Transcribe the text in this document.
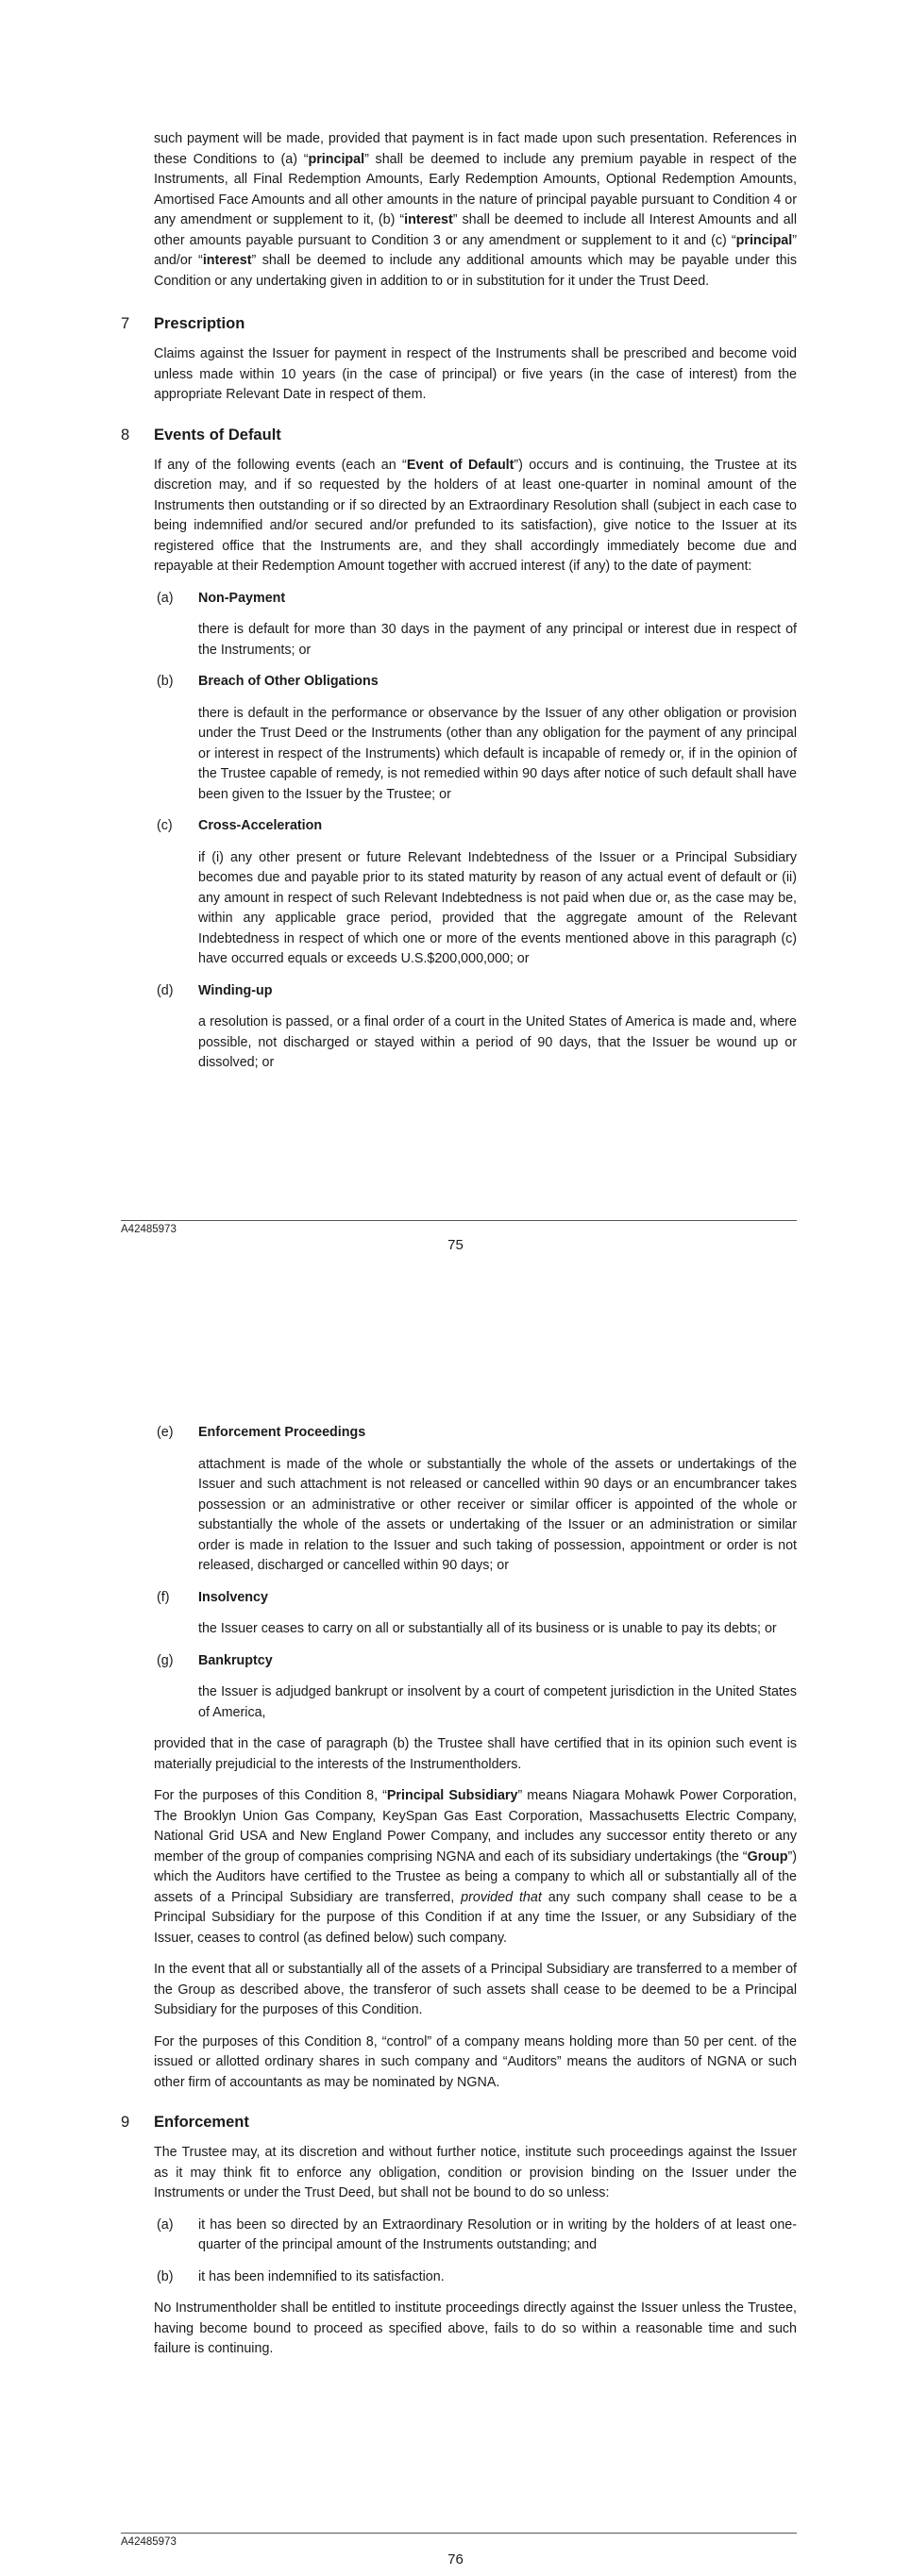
such payment will be made, provided that payment is in fact made upon such presentation. References in these Conditions to (a) “principal” shall be deemed to include any premium payable in respect of the Instruments, all Final Redemption Amounts, Early Redemption Amounts, Optional Redemption Amounts, Amortised Face Amounts and all other amounts in the nature of principal payable pursuant to Condition 4 or any amendment or supplement to it, (b) “interest” shall be deemed to include all Interest Amounts and all other amounts payable pursuant to Condition 3 or any amendment or supplement to it and (c) “principal” and/or “interest” shall be deemed to include any additional amounts which may be payable under this Condition or any undertaking given in addition to or in substitution for it under the Trust Deed.

7 Prescription

Claims against the Issuer for payment in respect of the Instruments shall be prescribed and become void unless made within 10 years (in the case of principal) or five years (in the case of interest) from the appropriate Relevant Date in respect of them.

8 Events of Default

If any of the following events (each an “Event of Default”) occurs and is continuing, the Trustee at its discretion may, and if so requested by the holders of at least one-quarter in nominal amount of the Instruments then outstanding or if so directed by an Extraordinary Resolution shall (subject in each case to being indemnified and/or secured and/or prefunded to its satisfaction), give notice to the Issuer at its registered office that the Instruments are, and they shall accordingly immediately become due and repayable at their Redemption Amount together with accrued interest (if any) to the date of payment:

(a) Non-Payment

there is default for more than 30 days in the payment of any principal or interest due in respect of the Instruments; or

(b) Breach of Other Obligations

there is default in the performance or observance by the Issuer of any other obligation or provision under the Trust Deed or the Instruments (other than any obligation for the payment of any principal or interest in respect of the Instruments) which default is incapable of remedy or, if in the opinion of the Trustee capable of remedy, is not remedied within 90 days after notice of such default shall have been given to the Issuer by the Trustee; or

(c) Cross-Acceleration

if (i) any other present or future Relevant Indebtedness of the Issuer or a Principal Subsidiary becomes due and payable prior to its stated maturity by reason of any actual event of default or (ii) any amount in respect of such Relevant Indebtedness is not paid when due or, as the case may be, within any applicable grace period, provided that the aggregate amount of the Relevant Indebtedness in respect of which one or more of the events mentioned above in this paragraph (c) have occurred equals or exceeds U.S.$200,000,000; or

(d) Winding-up

a resolution is passed, or a final order of a court in the United States of America is made and, where possible, not discharged or stayed within a period of 90 days, that the Issuer be wound up or dissolved; or

A42485973
75
(e) Enforcement Proceedings

attachment is made of the whole or substantially the whole of the assets or undertakings of the Issuer and such attachment is not released or cancelled within 90 days or an encumbrancer takes possession or an administrative or other receiver or similar officer is appointed of the whole or substantially the whole of the assets or undertaking of the Issuer or an administration or similar order is made in relation to the Issuer and such taking of possession, appointment or order is not released, discharged or cancelled within 90 days; or

(f) Insolvency

the Issuer ceases to carry on all or substantially all of its business or is unable to pay its debts; or

(g) Bankruptcy

the Issuer is adjudged bankrupt or insolvent by a court of competent jurisdiction in the United States of America,

provided that in the case of paragraph (b) the Trustee shall have certified that in its opinion such event is materially prejudicial to the interests of the Instrumentholders.

For the purposes of this Condition 8, “Principal Subsidiary” means Niagara Mohawk Power Corporation, The Brooklyn Union Gas Company, KeySpan Gas East Corporation, Massachusetts Electric Company, National Grid USA and New England Power Company, and includes any successor entity thereto or any member of the group of companies comprising NGNA and each of its subsidiary undertakings (the “Group”) which the Auditors have certified to the Trustee as being a company to which all or substantially all of the assets of a Principal Subsidiary are transferred, provided that any such company shall cease to be a Principal Subsidiary for the purpose of this Condition if at any time the Issuer, or any Subsidiary of the Issuer, ceases to control (as defined below) such company.

In the event that all or substantially all of the assets of a Principal Subsidiary are transferred to a member of the Group as described above, the transferor of such assets shall cease to be deemed to be a Principal Subsidiary for the purposes of this Condition.

For the purposes of this Condition 8, “control” of a company means holding more than 50 per cent. of the issued or allotted ordinary shares in such company and “Auditors” means the auditors of NGNA or such other firm of accountants as may be nominated by NGNA.

9 Enforcement

The Trustee may, at its discretion and without further notice, institute such proceedings against the Issuer as it may think fit to enforce any obligation, condition or provision binding on the Issuer under the Instruments or under the Trust Deed, but shall not be bound to do so unless:

(a) it has been so directed by an Extraordinary Resolution or in writing by the holders of at least one-quarter of the principal amount of the Instruments outstanding; and

(b) it has been indemnified to its satisfaction.

No Instrumentholder shall be entitled to institute proceedings directly against the Issuer unless the Trustee, having become bound to proceed as specified above, fails to do so within a reasonable time and such failure is continuing.

A42485973
76
